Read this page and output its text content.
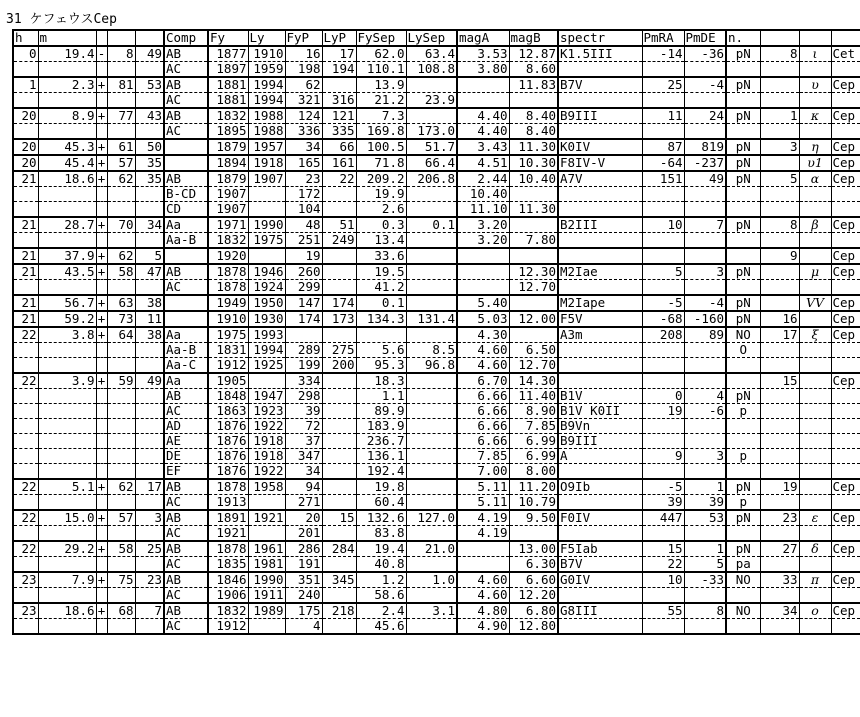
31 ケフェウスCep
h	m				Comp	Fy	Ly	FyP	LyP	FySep	LySep	magA	magB	spectr	PmRA	PmDE	n.			
0	19.4	-	8	49	AB	1877	1910	16	17	62.0	63.4	3.53	12.87	K1.5III	-14	-36	pN	8	ι	Cet
					AC	1897	1959	198	194	110.1	108.8	3.80	8.60							
1	2.3	+	81	53	AB	1881	1994	62		13.9			11.83	B7V	25	-4	pN		υ	Cep
					AC	1881	1994	321	316	21.2	23.9									
20	8.9	+	77	43	AB	1832	1988	124	121	7.3		4.40	8.40	B9III	11	24	pN	1	κ	Cep
					AC	1895	1988	336	335	169.8	173.0	4.40	8.40							
20	45.3	+	61	50		1879	1957	34	66	100.5	51.7	3.43	11.30	K0IV	87	819	pN	3	η	Cep
20	45.4	+	57	35		1894	1918	165	161	71.8	66.4	4.51	10.30	F8IV-V	-64	-237	pN		υ1	Cep
21	18.6	+	62	35	AB	1879	1907	23	22	209.2	206.8	2.44	10.40	A7V	151	49	pN	5	α	Cep
					B-CD	1907		172		19.9		10.40								
					CD	1907		104		2.6		11.10	11.30							
21	28.7	+	70	34	Aa	1971	1990	48	51	0.3	0.1	3.20		B2III	10	7	pN	8	β	Cep
					Aa-B	1832	1975	251	249	13.4		3.20	7.80							
21	37.9	+	62	5		1920		19		33.6								9		Cep
21	43.5	+	58	47	AB	1878	1946	260		19.5			12.30	M2Iae	5	3	pN		μ	Cep
					AC	1878	1924	299		41.2			12.70							
21	56.7	+	63	38		1949	1950	147	174	0.1		5.40		M2Iape	-5	-4	pN		VV	Cep
21	59.2	+	73	11		1910	1930	174	173	134.3	131.4	5.03	12.00	F5V	-68	-160	pN	16		Cep
22	3.8	+	64	38	Aa	1975	1993					4.30		A3m	208	89	NO	17	ξ	Cep
					Aa-B	1831	1994	289	275	5.6	8.5	4.60	6.50				O			
					Aa-C	1912	1925	199	200	95.3	96.8	4.60	12.70							
22	3.9	+	59	49	Aa	1905		334		18.3		6.70	14.30					15		Cep
					AB	1848	1947	298		1.1		6.66	11.40	B1V	0	4	pN			
					AC	1863	1923	39		89.9		6.66	8.90	B1V K0II	19	-6	p			
					AD	1876	1922	72		183.9		6.66	7.85	B9Vn						
					AE	1876	1918	37		236.7		6.66	6.99	B9III						
					DE	1876	1918	347		136.1		7.85	6.99	A	9	3	p			
					EF	1876	1922	34		192.4		7.00	8.00							
22	5.1	+	62	17	AB	1878	1958	94		19.8		5.11	11.20	O9Ib	-5	1	pN	19		Cep
					AC	1913		271		60.4		5.11	10.79		39	39	p			
22	15.0	+	57	3	AB	1891	1921	20	15	132.6	127.0	4.19	9.50	F0IV	447	53	pN	23	ε	Cep
					AC	1921		201		83.8		4.19								
22	29.2	+	58	25	AB	1878	1961	286	284	19.4	21.0		13.00	F5Iab	15	1	pN	27	δ	Cep
					AC	1835	1981	191		40.8			6.30	B7V	22	5	pa			
23	7.9	+	75	23	AB	1846	1990	351	345	1.2	1.0	4.60	6.60	G0IV	10	-33	NO	33	π	Cep
					AC	1906	1911	240		58.6		4.60	12.20							
23	18.6	+	68	7	AB	1832	1989	175	218	2.4	3.1	4.80	6.80	G8III	55	8	NO	34	ο	Cep
					AC	1912		4		45.6		4.90	12.80							
